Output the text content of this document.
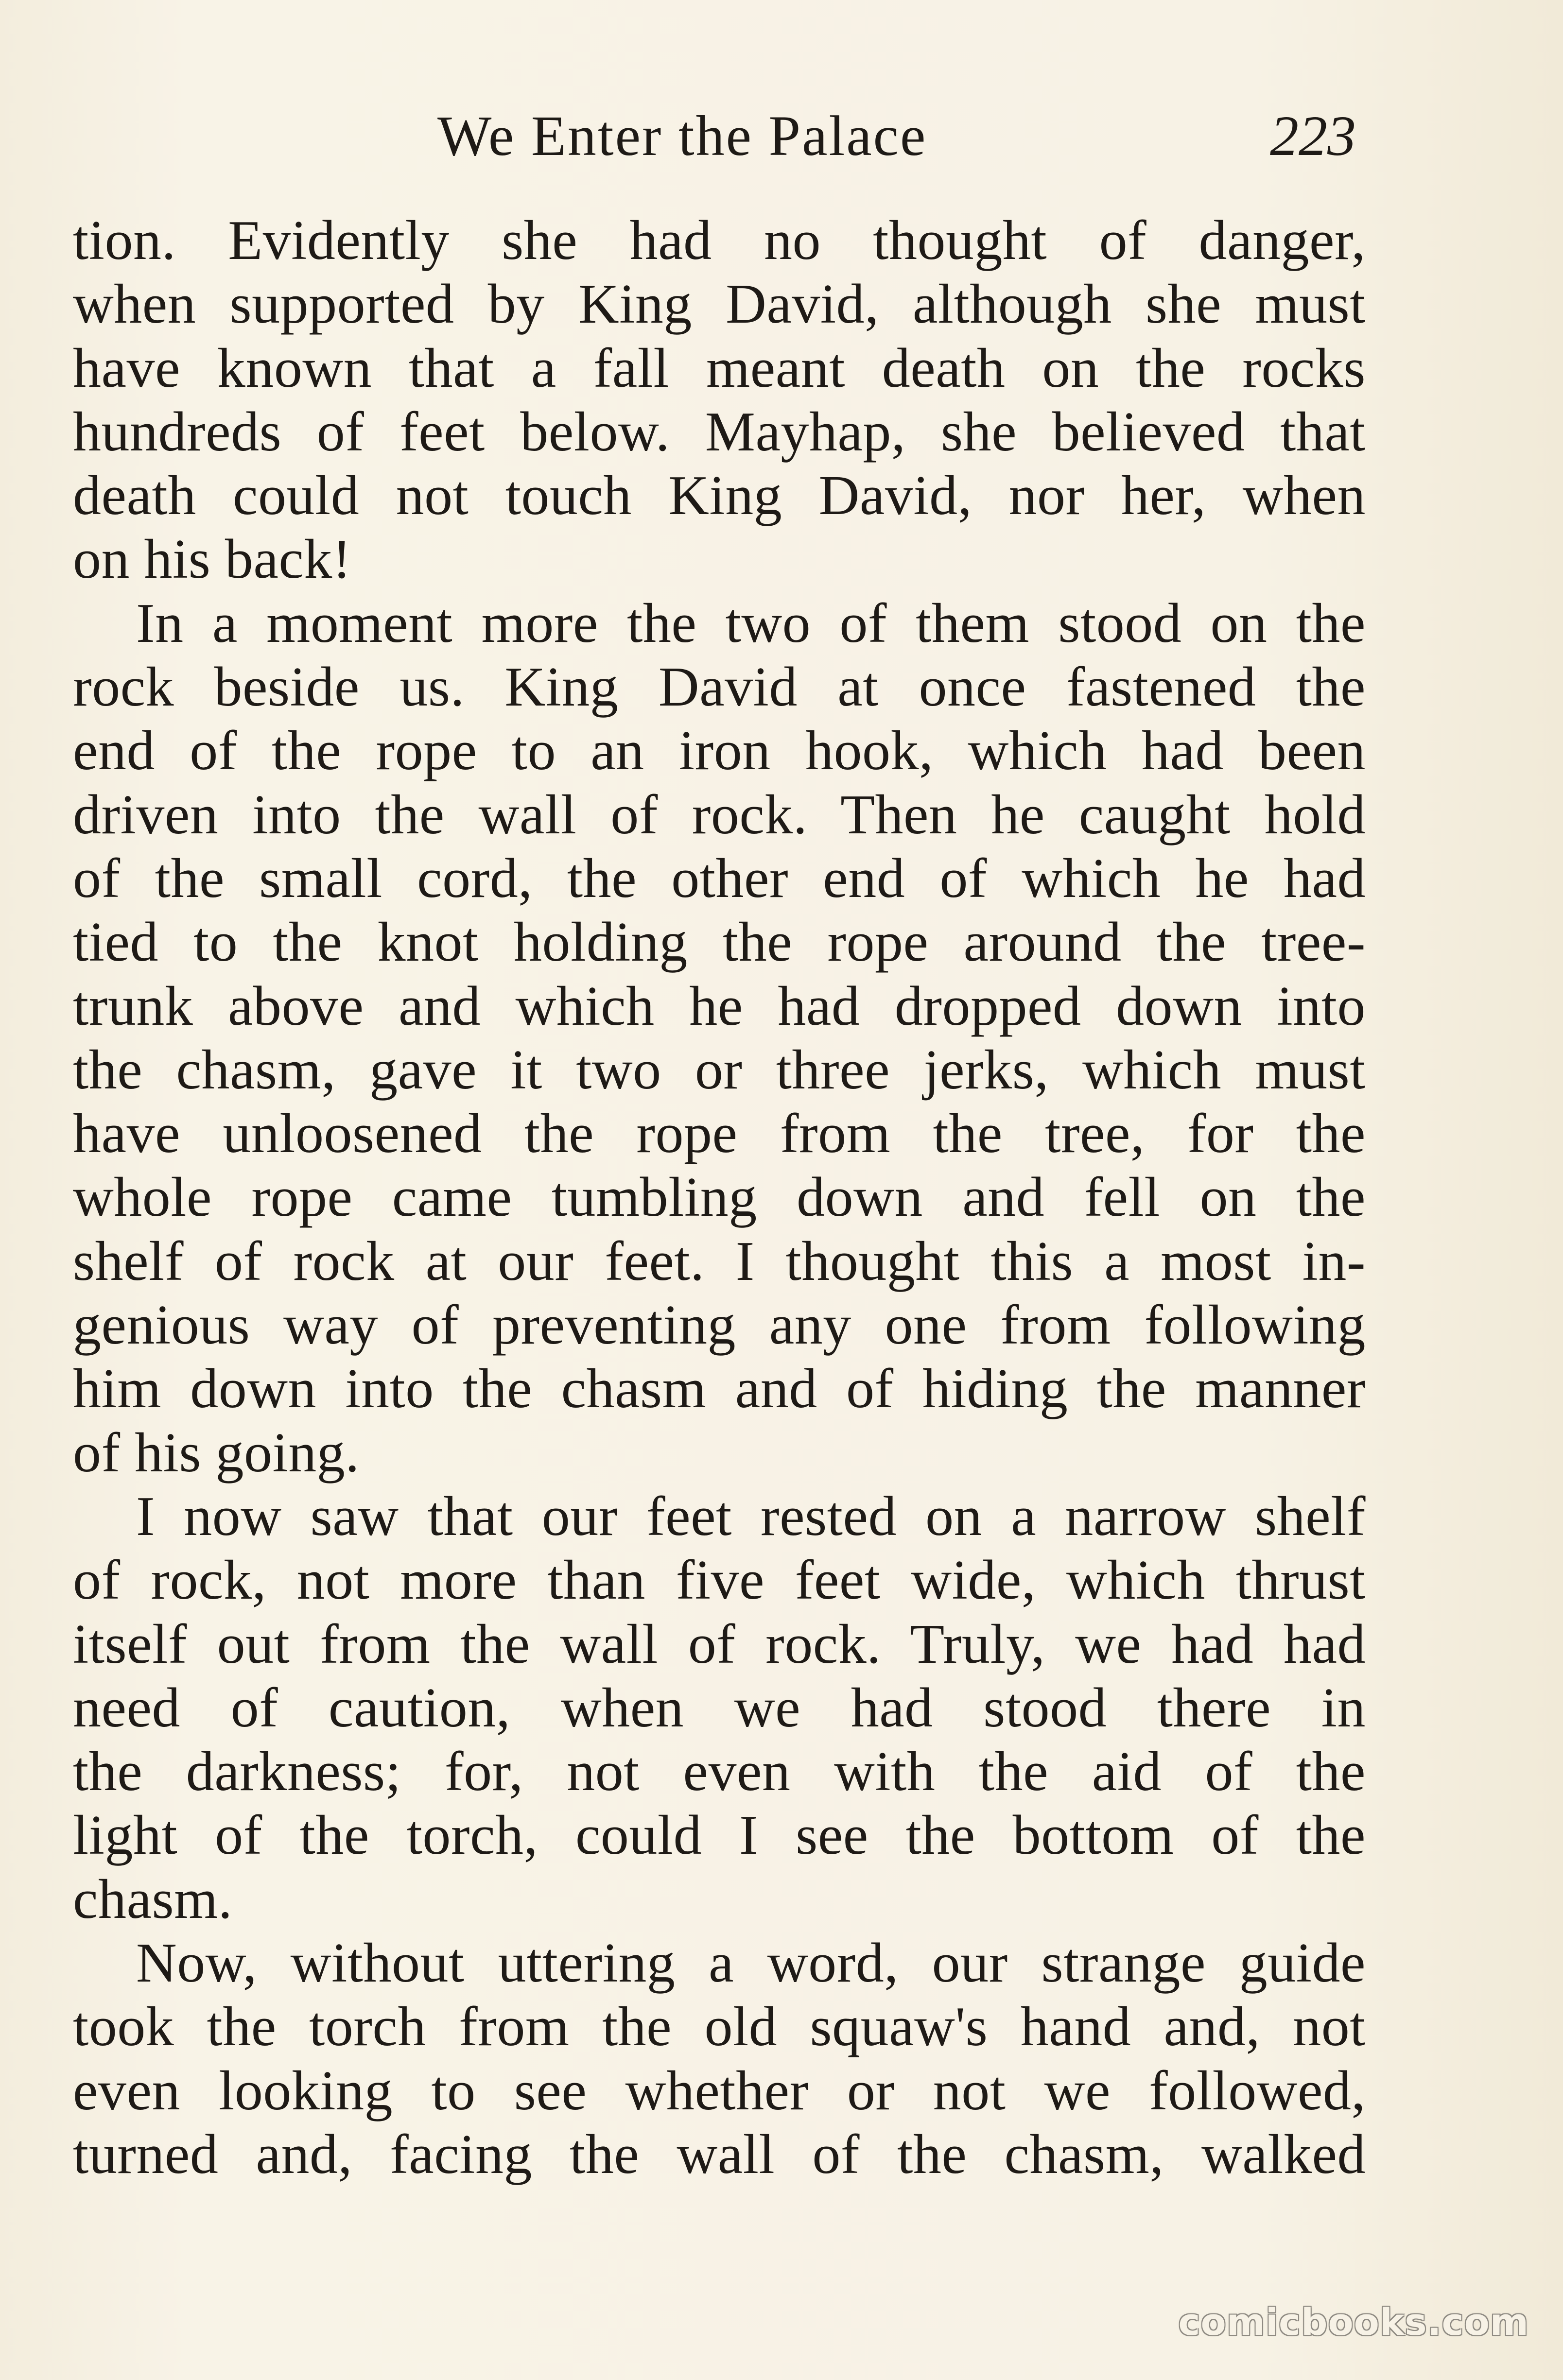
We Enter the Palace	223
tion. Evidently she had no thought of danger,
when supported by King David, although she must
have known that a fall meant death on the rocks
hundreds of feet below. Mayhap, she believed that
death could not touch King David, nor her, when
on his back!
In a moment more the two of them stood on the
rock beside us. King David at once fastened the
end of the rope to an iron hook, which had been
driven into the wall of rock. Then he caught hold
of the small cord, the other end of which he had
tied to the knot holding the rope around the tree-
trunk above and which he had dropped down into
the chasm, gave it two or three jerks, which must
have unloosened the rope from the tree, for the
whole rope came tumbling down and fell on the
shelf of rock at our feet. I thought this a most in-
genious way of preventing any one from following
him down into the chasm and of hiding the manner
of his going.
I now saw that our feet rested on a narrow shelf
of rock, not more than five feet wide, which thrust
itself out from the wall of rock. Truly, we had had
need of caution, when we had stood there in
the darkness; for, not even with the aid of the
light of the torch, could I see the bottom of the
chasm.
Now, without uttering a word, our strange guide
took the torch from the old squaw's hand and, not
even looking to see whether or not we followed,
turned and, facing the wall of the chasm, walked
comicbooks.com
